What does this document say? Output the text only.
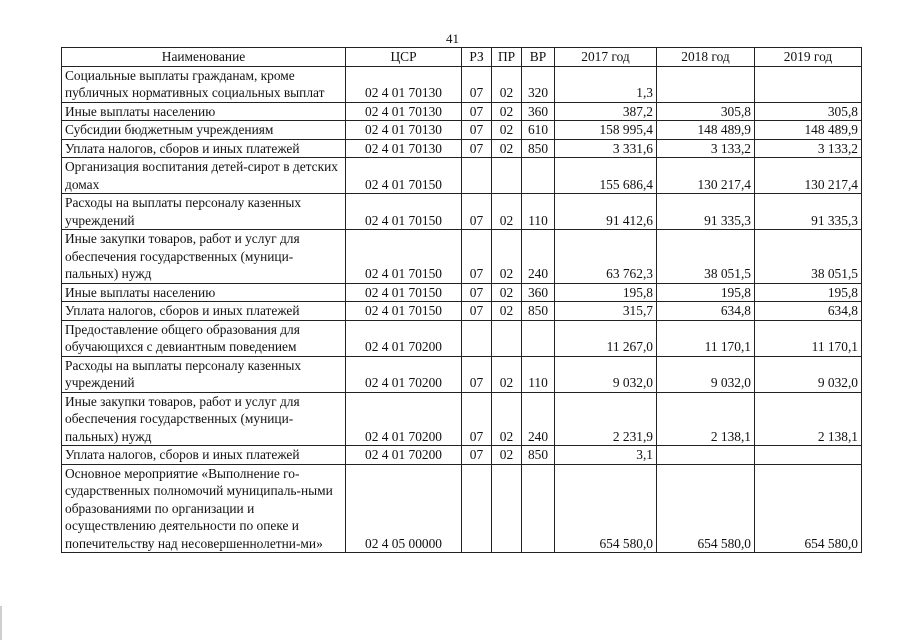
41
Наименование	ЦСР	РЗ	ПР	ВР	2017 год	2018 год	2019 год
Социальные выплаты гражданам, кроме публичных нормативных социальных выплат	02 4 01 70130	07	02	320	1,3		
Иные выплаты населению	02 4 01 70130	07	02	360	387,2	305,8	305,8
Субсидии бюджетным учреждениям	02 4 01 70130	07	02	610	158 995,4	148 489,9	148 489,9
Уплата налогов, сборов и иных платежей	02 4 01 70130	07	02	850	3 331,6	3 133,2	3 133,2
Организация воспитания детей-сирот в детских домах	02 4 01 70150				155 686,4	130 217,4	130 217,4
Расходы на выплаты персоналу казенных учреждений	02 4 01 70150	07	02	110	91 412,6	91 335,3	91 335,3
Иные закупки товаров, работ и услуг для обеспечения государственных (муници-пальных) нужд	02 4 01 70150	07	02	240	63 762,3	38 051,5	38 051,5
Иные выплаты населению	02 4 01 70150	07	02	360	195,8	195,8	195,8
Уплата налогов, сборов и иных платежей	02 4 01 70150	07	02	850	315,7	634,8	634,8
Предоставление общего образования для обучающихся с девиантным поведением	02 4 01 70200				11 267,0	11 170,1	11 170,1
Расходы на выплаты персоналу казенных учреждений	02 4 01 70200	07	02	110	9 032,0	9 032,0	9 032,0
Иные закупки товаров, работ и услуг для обеспечения государственных (муници-пальных) нужд	02 4 01 70200	07	02	240	2 231,9	2 138,1	2 138,1
Уплата налогов, сборов и иных платежей	02 4 01 70200	07	02	850	3,1		
Основное мероприятие «Выполнение го-сударственных полномочий муниципаль-ными образованиями по организации и осуществлению деятельности по опеке и попечительству над несовершеннолетни-ми»	02 4 05 00000				654 580,0	654 580,0	654 580,0
